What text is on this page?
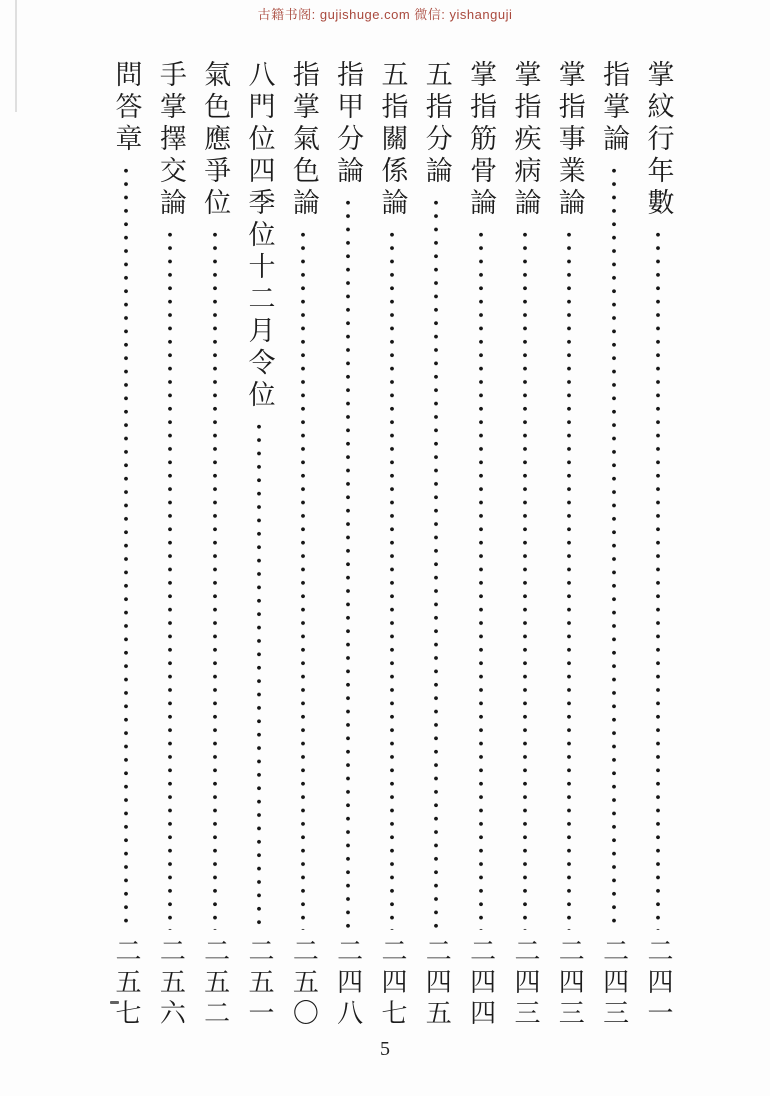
古籍书阁: gujishuge.com 微信: yishanguji
掌紋行年數
二四一
指掌論
二四三
掌指事業論
二四三
掌指疾病論
二四三
掌指筋骨論
二四四
五指分論
二四五
五指關係論
二四七
指甲分論
二四八
指掌氣色論
二五〇
八門位四季位十二月令位
二五一
氣色應爭位
二五二
手掌擇交論
二五六
問答章
二五七
5
